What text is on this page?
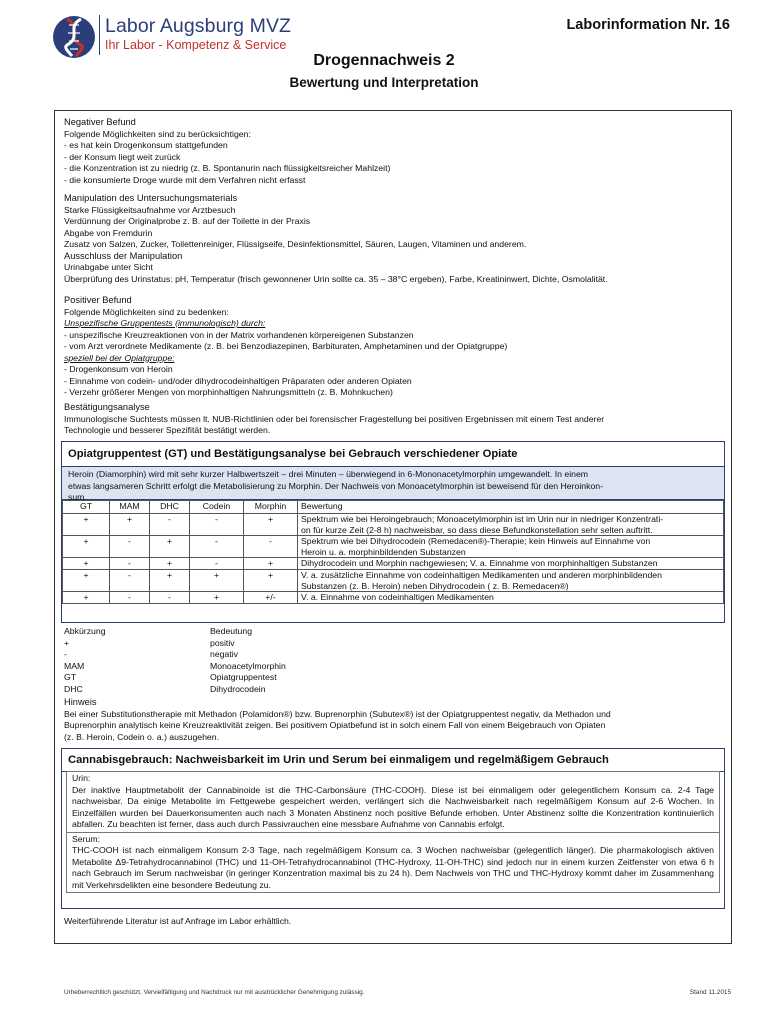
Labor Augsburg MVZ
Ihr Labor - Kompetenz & Service
Laborinformation Nr. 16
Drogennachweis 2
Bewertung und Interpretation
Negativer Befund
Folgende Möglichkeiten sind zu berücksichtigen:
- es hat kein Drogenkonsum stattgefunden
- der Konsum liegt weit zurück
- die Konzentration ist zu niedrig (z. B. Spontanurin nach flüssigkeitsreicher Mahlzeit)
- die konsumierte Droge wurde mit dem Verfahren nicht erfasst
Manipulation des Untersuchungsmaterials
Starke Flüssigkeitsaufnahme vor Arztbesuch
Verdünnung der Originalprobe z. B. auf der Toilette in der Praxis
Abgabe von Fremdurin
Zusatz von Salzen, Zucker, Toilettenreiniger, Flüssigseife, Desinfektionsmittel, Säuren, Laugen, Vitaminen und anderem.
Ausschluss der Manipulation
Urinabgabe unter Sicht
Überprüfung des Urinstatus: pH, Temperatur (frisch gewonnener Urin sollte ca. 35 – 38°C ergeben), Farbe, Kreatininwert, Dichte, Osmolalität.
Positiver Befund
Folgende Möglichkeiten sind zu bedenken:
Unspezifische Gruppentests (immunologisch) durch:
- unspezifische Kreuzreaktionen von in der Matrix vorhandenen körpereigenen Substanzen
- vom Arzt verordnete Medikamente (z. B. bei Benzodiazepinen, Barbituraten, Amphetaminen und der Opiatgruppe)
speziell bei der Opiatgruppe:
- Drogenkonsum von Heroin
- Einnahme von codein- und/oder dihydrocodeinhaltigen Präparaten oder anderen Opiaten
- Verzehr größerer Mengen von morphinhaltigen Nahrungsmitteln (z. B. Mohnkuchen)
Bestätigungsanalyse
Immunologische Suchtests müssen lt. NUB-Richtlinien oder bei forensischer Fragestellung bei positiven Ergebnissen mit einem Test anderer
Technologie und besserer Spezifität bestätigt werden.
Opiatgruppentest (GT) und Bestätigungsanalyse bei Gebrauch verschiedener Opiate
Heroin (Diamorphin) wird mit sehr kurzer Halbwertszeit – drei Minuten – überwiegend in 6-Mononacetylmorphin umgewandelt. In einem
etwas langsameren Schritt erfolgt die Metabolisierung zu Morphin. Der Nachweis von Monoacetylmorphin ist beweisend für den Heroinkon-
sum.
GT	MAM	DHC	Codein	Morphin	Bewertung
+	+	-	-	+	Spektrum wie bei Heroingebrauch; Monoacetylmorphin ist im Urin nur in niedriger Konzentrati-
on für kurze Zeit (2-8 h) nachweisbar, so dass diese Befundkonstellation sehr selten auftritt.

+	-	+	-	-	Spektrum wie bei Dihydrocodein (Remedacen®)-Therapie; kein Hinweis auf Einnahme von
Heroin u. a. morphinbildenden Substanzen

+	-	+	-	+	Dihydrocodein und Morphin nachgewiesen; V. a. Einnahme von morphinhaltigen Substanzen

+	-	+	+	+	V. a. zusätzliche Einnahme von codeinhaltigen Medikamenten und anderen morphinbildenden
Substanzen (z. B. Heroin) neben Dihydrocodein ( z. B. Remedacen®)

+	-	-	+	+/-	V. a. Einnahme von codeinhaltigen Medikamenten
Abkürzung	Bedeutung
+	positiv
-	negativ
MAM	Monoacetylmorphin
GT	Opiatgruppentest
DHC	Dihydrocodein
Hinweis
Bei einer Substitutionstherapie mit Methadon (Polamidon®) bzw. Buprenorphin (Subutex®) ist der Opiatgruppentest negativ, da Methadon und
Buprenorphin analytisch keine Kreuzreaktivität zeigen. Bei positivem Opiatbefund ist in solch einem Fall von einem Beigebrauch von Opiaten
(z. B. Heroin, Codein o. a.) auszugehen.
Cannabisgebrauch: Nachweisbarkeit im Urin und Serum bei einmaligem und regelmäßigem Gebrauch
Urin:
Der inaktive Hauptmetabolit der Cannabinoide ist die THC-Carbonsäure (THC-COOH). Diese ist bei einmaligem oder gelegentlichem Konsum ca. 2-4 Tage nachweisbar. Da einige Metabolite im Fettgewebe gespeichert werden, verlängert sich die Nachweisbarkeit nach regelmäßigem Konsum auf 2-6 Wochen. In Einzelfällen wurden bei Dauerkonsumenten auch nach 3 Monaten Abstinenz noch positive Befunde erhoben. Unter Abstinenz sollte die Konzentration kontinuierlich abfallen. Zu beachten ist ferner, dass auch durch Passivrauchen eine messbare Aufnahme von Cannabis erfolgt.
Serum:
THC-COOH ist nach einmaligem Konsum 2-3 Tage, nach regelmäßigem Konsum ca. 3 Wochen nachweisbar (gelegentlich länger). Die pharmakologisch aktiven Metabolite Δ9-Tetrahydrocannabinol (THC) und 11-OH-Tetrahydrocannabinol (THC-Hydroxy, 11-OH-THC) sind jedoch nur in einem kurzen Zeitfenster von etwa 6 h nach Gebrauch im Serum nachweisbar (in geringer Konzentration maximal bis zu 24 h). Dem Nachweis von THC und THC-Hydroxy kommt daher im Zusammenhang mit Verkehrsdelikten eine besondere Bedeutung zu.
Weiterführende Literatur ist auf Anfrage im Labor erhältlich.
Urheberrechtlich geschützt. Vervielfältigung und Nachdruck nur mit ausdrücklicher Genehmigung zulässig.	Stand 11.2015
